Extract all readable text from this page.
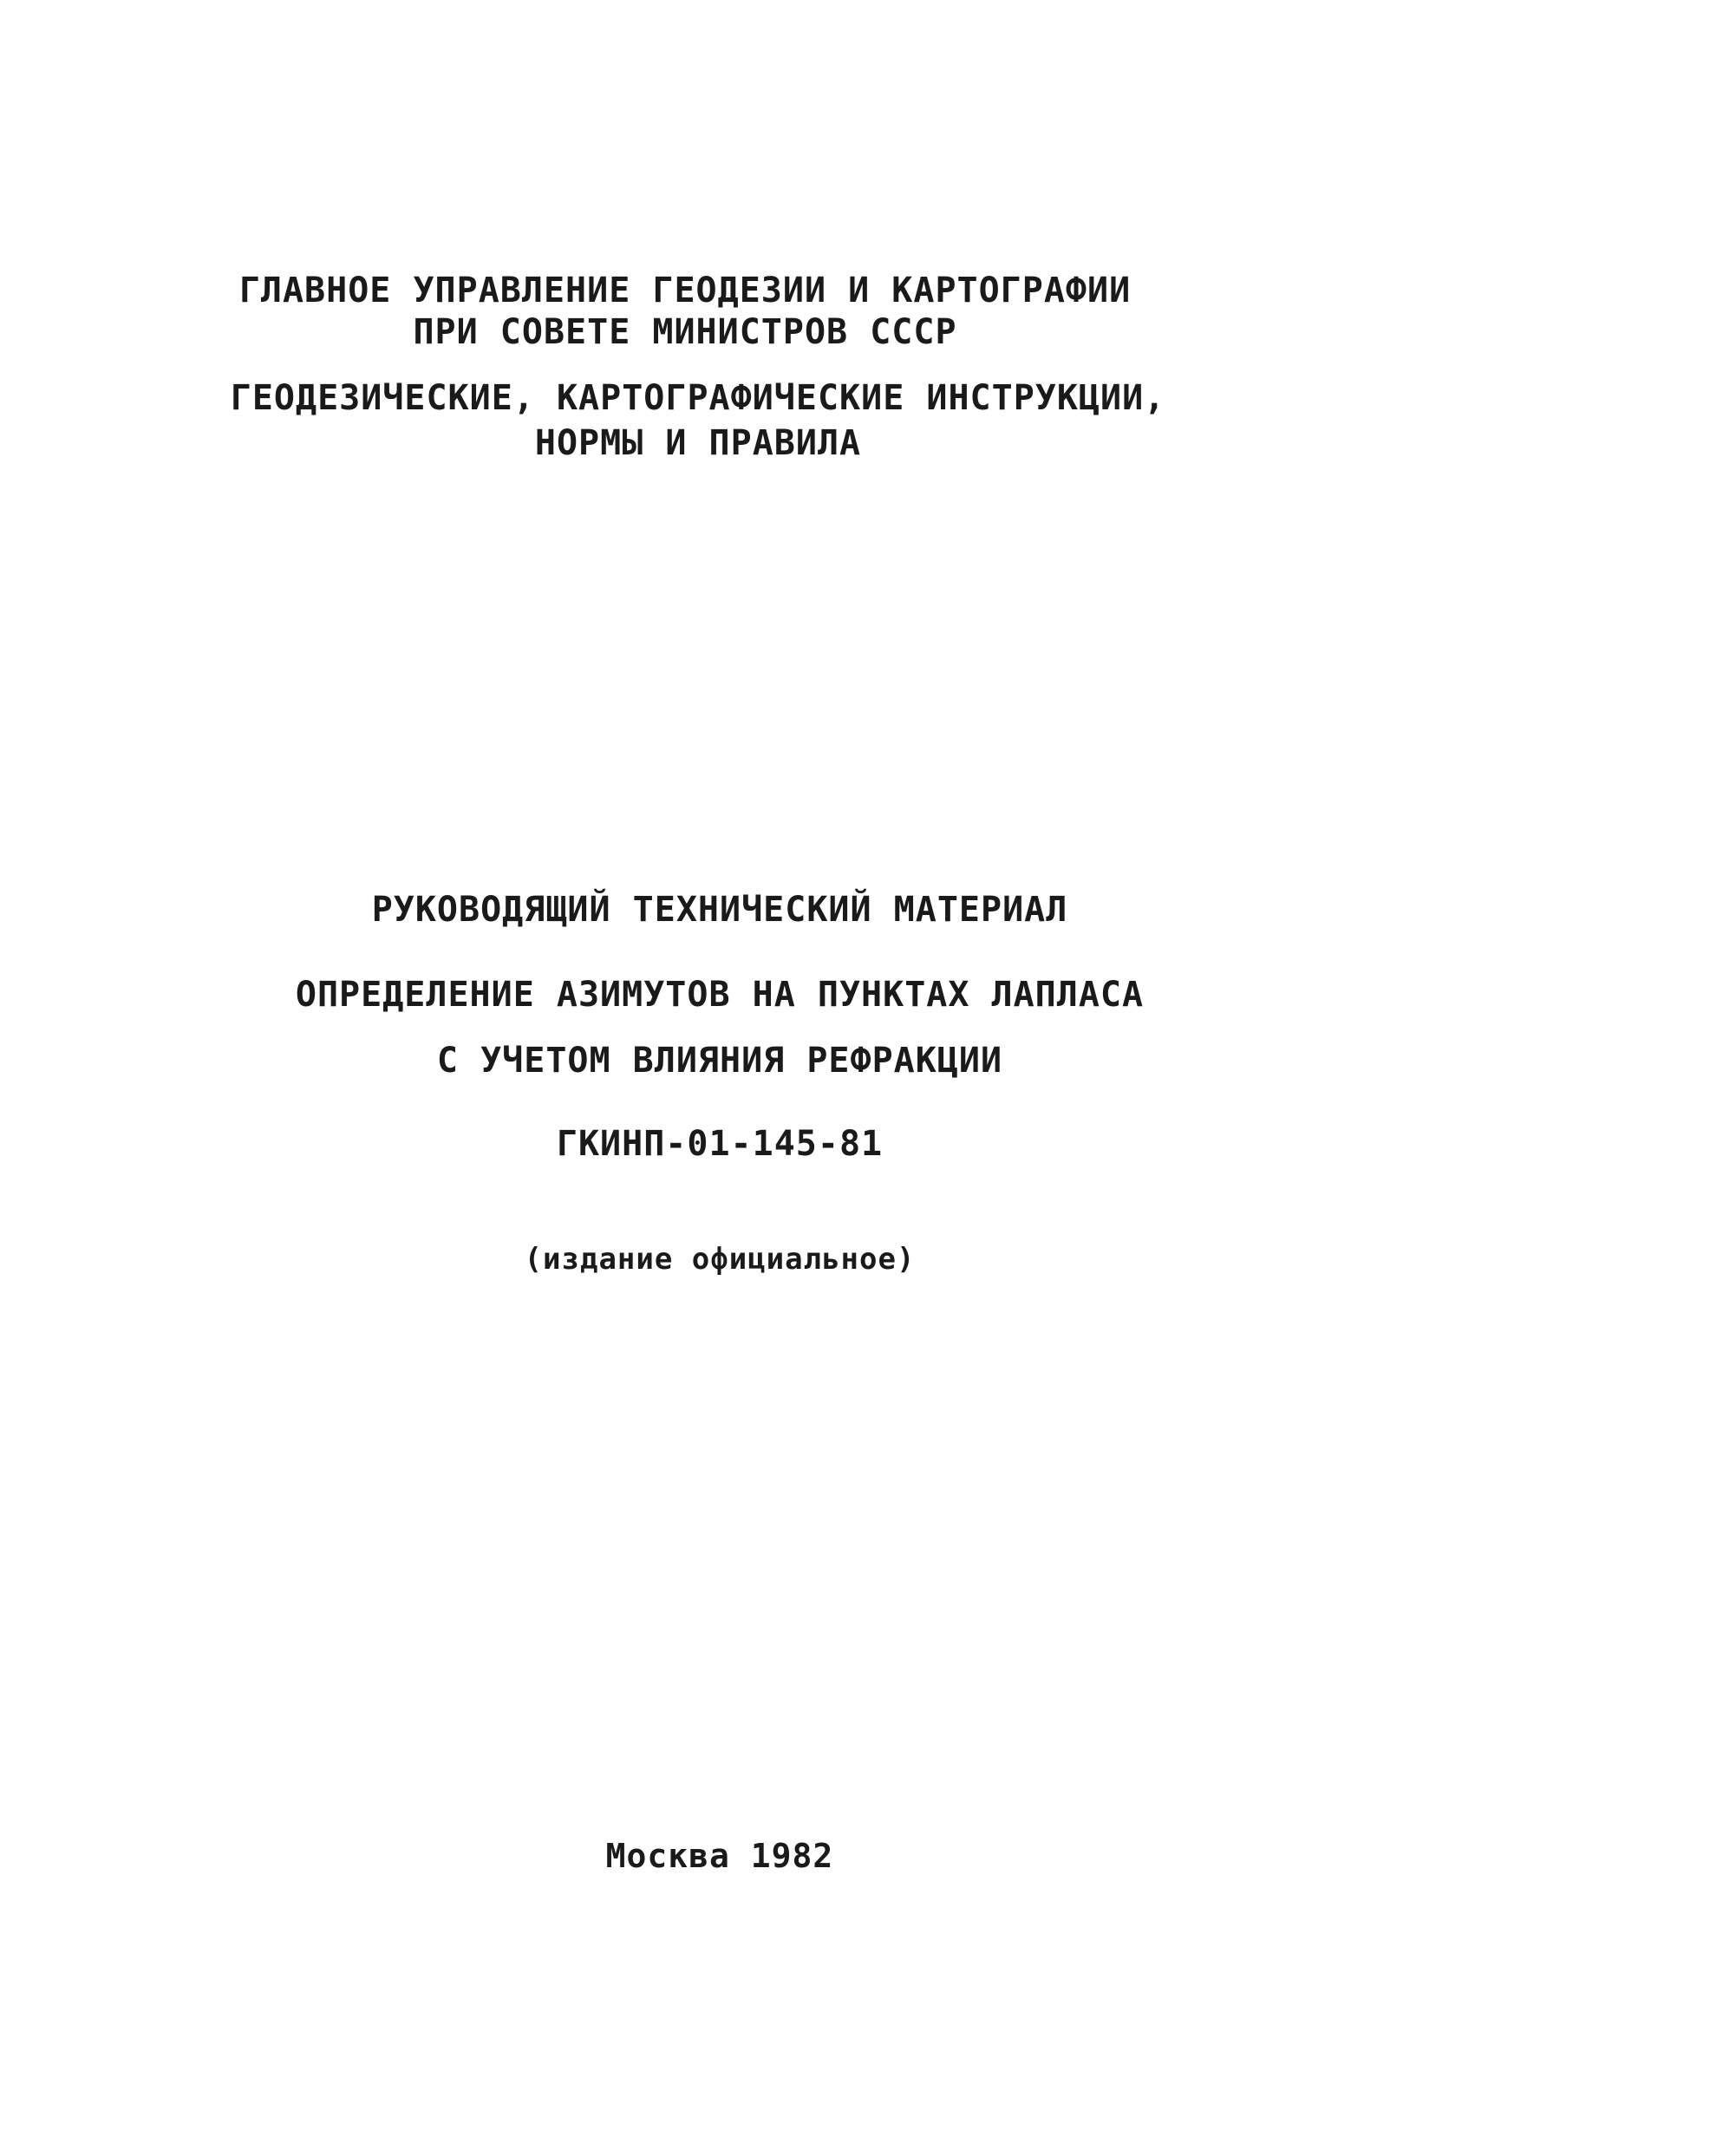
ГЛАВНОЕ УПРАВЛЕНИЕ ГЕОДЕЗИИ И КАРТОГРАФИИ
ПРИ СОВЕТЕ МИНИСТРОВ СССР
ГЕОДЕЗИЧЕСКИЕ, КАРТОГРАФИЧЕСКИЕ ИНСТРУКЦИИ,
НОРМЫ И ПРАВИЛА
РУКОВОДЯЩИЙ ТЕХНИЧЕСКИЙ МАТЕРИАЛ
ОПРЕДЕЛЕНИЕ АЗИМУТОВ НА ПУНКТАХ ЛАПЛАСА
С УЧЕТОМ ВЛИЯНИЯ РЕФРАКЦИИ
ГКИНП-01-145-81
(издание официальное)
Москва 1982
